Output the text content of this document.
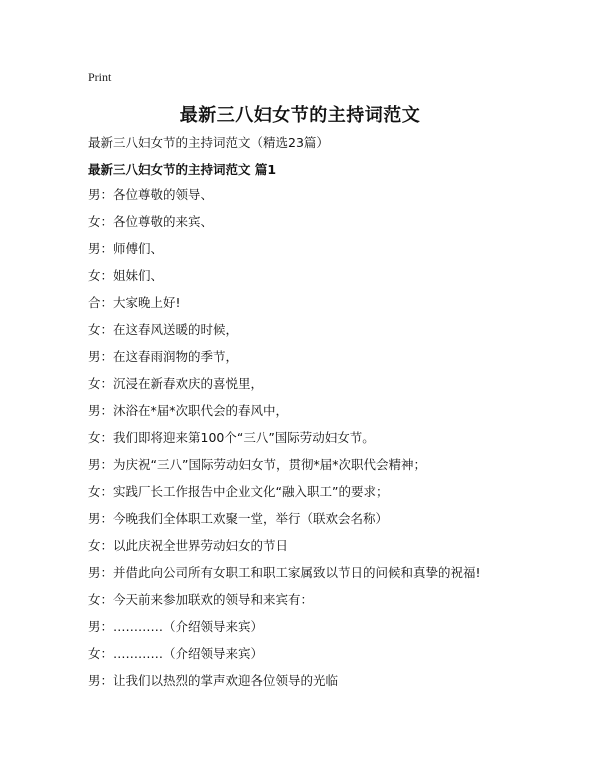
Print
最新三八妇女节的主持词范文
最新三八妇女节的主持词范文（精选23篇）
最新三八妇女节的主持词范文 篇1
男：各位尊敬的领导、
女：各位尊敬的来宾、
男：师傅们、
女：姐妹们、
合：大家晚上好!
女：在这春风送暖的时候，
男：在这春雨润物的季节，
女：沉浸在新春欢庆的喜悦里，
男：沐浴在*届*次职代会的春风中，
女：我们即将迎来第100个“三八”国际劳动妇女节。
男：为庆祝“三八”国际劳动妇女节，贯彻*届*次职代会精神；
女：实践厂长工作报告中企业文化“融入职工”的要求；
男：今晚我们全体职工欢聚一堂，举行（联欢会名称）
女：以此庆祝全世界劳动妇女的节日
男：并借此向公司所有女职工和职工家属致以节日的问候和真挚的祝福!
女：今天前来参加联欢的领导和来宾有：
男：…………（介绍领导来宾）
女：…………（介绍领导来宾）
男：让我们以热烈的掌声欢迎各位领导的光临
